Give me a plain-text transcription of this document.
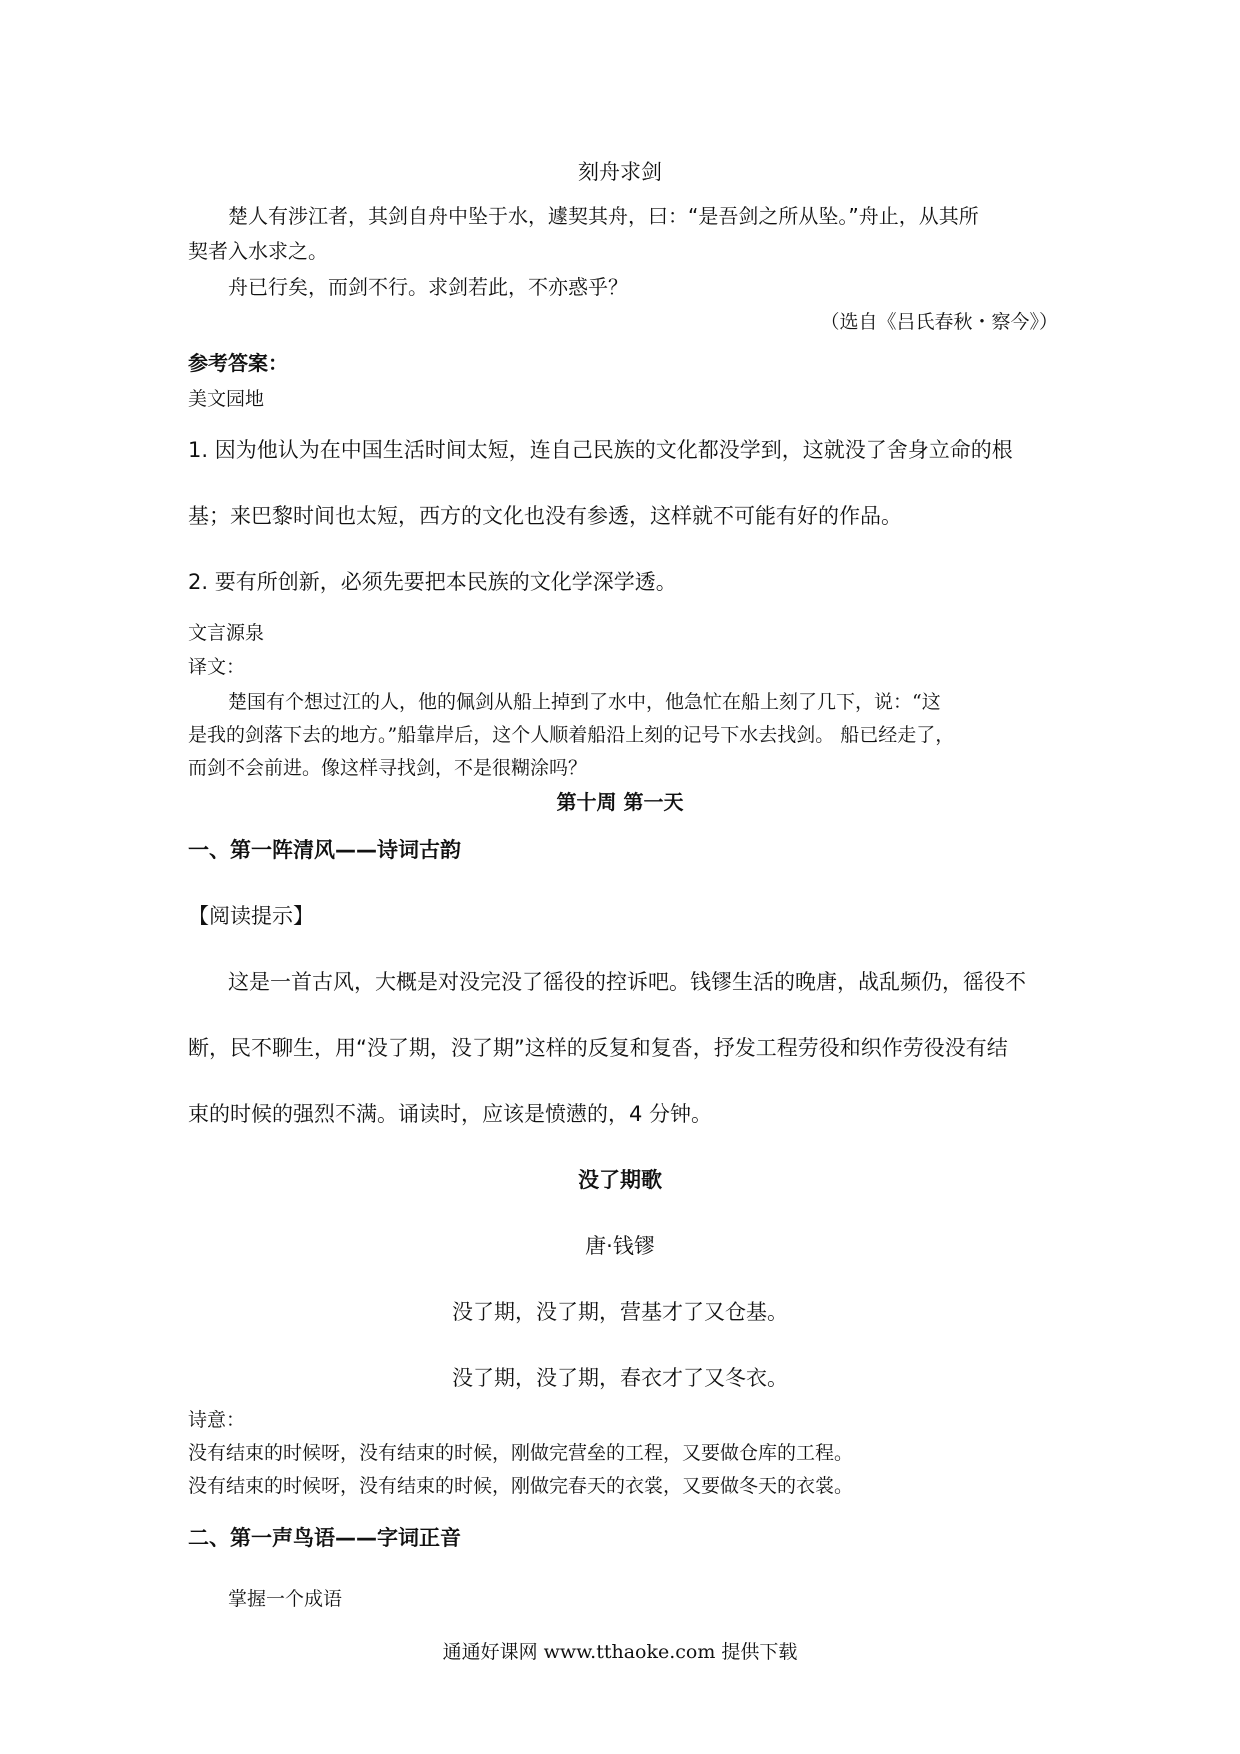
刻舟求剑
楚人有涉江者，其剑自舟中坠于水，遽契其舟，曰：“是吾剑之所从坠。”舟止，从其所
契者入水求之。
舟已行矣，而剑不行。求剑若此，不亦惑乎？
（选自《吕氏春秋・察今》）
参考答案：
美文园地
1. 因为他认为在中国生活时间太短，连自己民族的文化都没学到，这就没了舍身立命的根
基；来巴黎时间也太短，西方的文化也没有参透，这样就不可能有好的作品。
2. 要有所创新，必须先要把本民族的文化学深学透。
文言源泉
译文：
楚国有个想过江的人，他的佩剑从船上掉到了水中，他急忙在船上刻了几下，说：“这
是我的剑落下去的地方。”船靠岸后，这个人顺着船沿上刻的记号下水去找剑。 船已经走了，
而剑不会前进。像这样寻找剑，不是很糊涂吗？
第十周 第一天
一、第一阵清风——诗词古韵
【阅读提示】
这是一首古风，大概是对没完没了徭役的控诉吧。钱镠生活的晚唐，战乱频仍，徭役不
断，民不聊生，用“没了期，没了期”这样的反复和复沓，抒发工程劳役和织作劳役没有结
束的时候的强烈不满。诵读时，应该是愤懑的，4 分钟。
没了期歌
唐·钱镠
没了期，没了期，营基才了又仓基。
没了期，没了期，春衣才了又冬衣。
诗意：
没有结束的时候呀，没有结束的时候，刚做完营垒的工程，又要做仓库的工程。
没有结束的时候呀，没有结束的时候，刚做完春天的衣裳，又要做冬天的衣裳。
二、第一声鸟语——字词正音
掌握一个成语
通通好课网 www.tthaoke.com 提供下载
